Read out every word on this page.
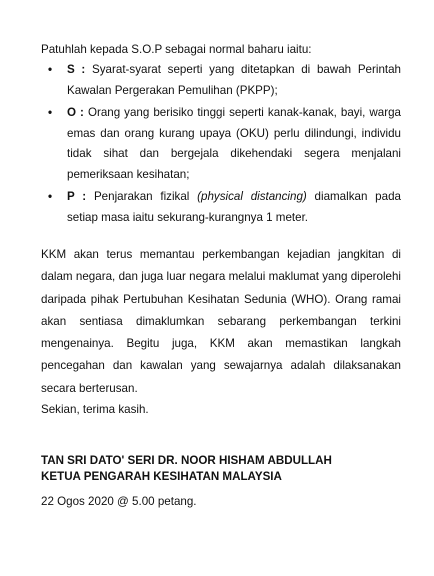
Patuhlah kepada S.O.P sebagai normal baharu iaitu:

• S : Syarat-syarat seperti yang ditetapkan di bawah Perintah Kawalan Pergerakan Pemulihan (PKPP);
• O : Orang yang berisiko tinggi seperti kanak-kanak, bayi, warga emas dan orang kurang upaya (OKU) perlu dilindungi, individu tidak sihat dan bergejala dikehendaki segera menjalani pemeriksaan kesihatan;
• P : Penjarakan fizikal (physical distancing) diamalkan pada setiap masa iaitu sekurang-kurangnya 1 meter.

KKM akan terus memantau perkembangan kejadian jangkitan di dalam negara, dan juga luar negara melalui maklumat yang diperolehi daripada pihak Pertubuhan Kesihatan Sedunia (WHO). Orang ramai akan sentiasa dimaklumkan sebarang perkembangan terkini mengenainya. Begitu juga, KKM akan memastikan langkah pencegahan dan kawalan yang sewajarnya adalah dilaksanakan secara berterusan.

Sekian, terima kasih.

TAN SRI DATO' SERI DR. NOOR HISHAM ABDULLAH
KETUA PENGARAH KESIHATAN MALAYSIA

22 Ogos 2020 @ 5.00 petang.
